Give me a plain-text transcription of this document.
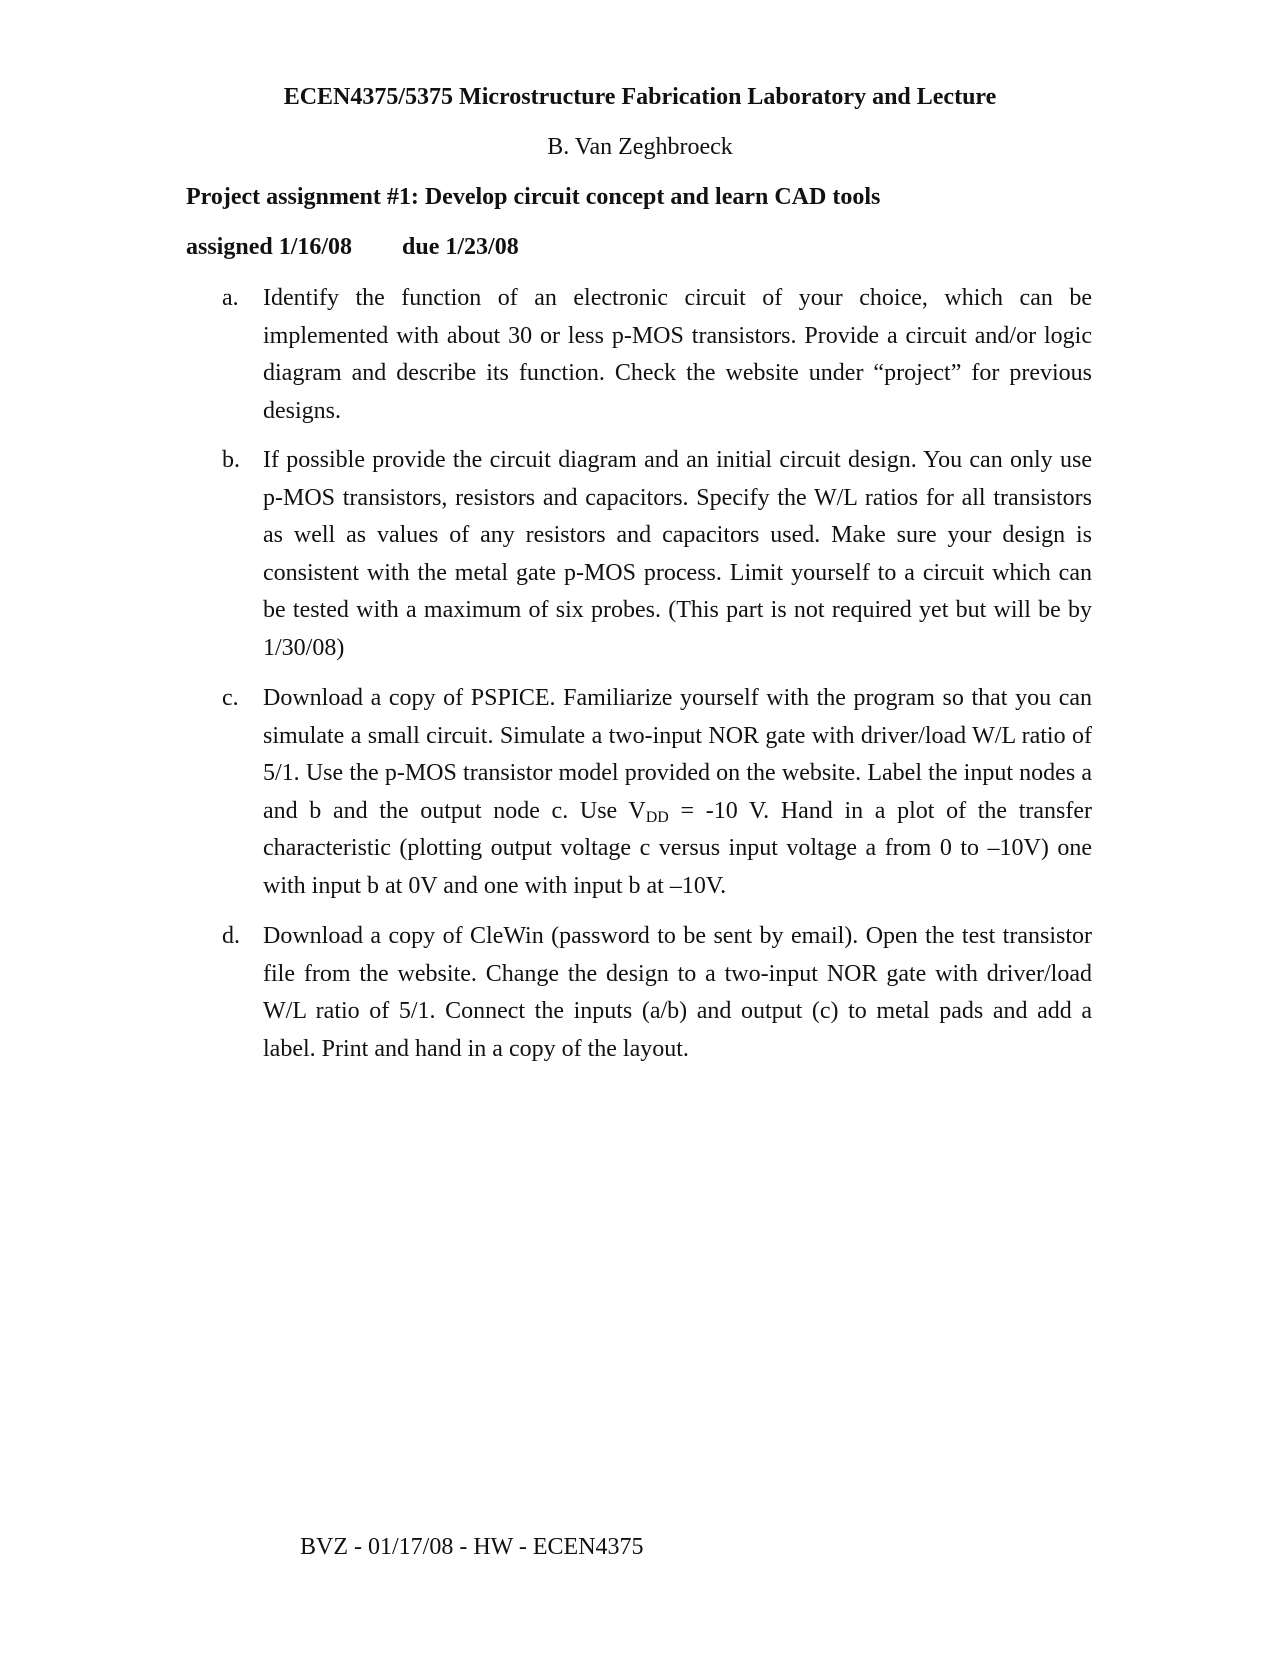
ECEN4375/5375 Microstructure Fabrication Laboratory and Lecture
B. Van Zeghbroeck
Project assignment #1: Develop circuit concept and learn CAD tools
assigned 1/16/08 due 1/23/08
a. Identify the function of an electronic circuit of your choice, which can be implemented with about 30 or less p-MOS transistors. Provide a circuit and/or logic diagram and describe its function. Check the website under “project” for previous designs.
b. If possible provide the circuit diagram and an initial circuit design. You can only use p-MOS transistors, resistors and capacitors. Specify the W/L ratios for all transistors as well as values of any resistors and capacitors used. Make sure your design is consistent with the metal gate p-MOS process. Limit yourself to a circuit which can be tested with a maximum of six probes. (This part is not required yet but will be by 1/30/08)
c. Download a copy of PSPICE. Familiarize yourself with the program so that you can simulate a small circuit. Simulate a two-input NOR gate with driver/load W/L ratio of 5/1. Use the p-MOS transistor model provided on the website. Label the input nodes a and b and the output node c. Use $V_{DD} = -10$ V. Hand in a plot of the transfer characteristic (plotting output voltage c versus input voltage a from 0 to –10V) one with input b at 0V and one with input b at –10V.
d. Download a copy of CleWin (password to be sent by email). Open the test transistor file from the website. Change the design to a two-input NOR gate with driver/load W/L ratio of 5/1. Connect the inputs (a/b) and output (c) to metal pads and add a label. Print and hand in a copy of the layout.
BVZ - 01/17/08 - HW - ECEN4375
